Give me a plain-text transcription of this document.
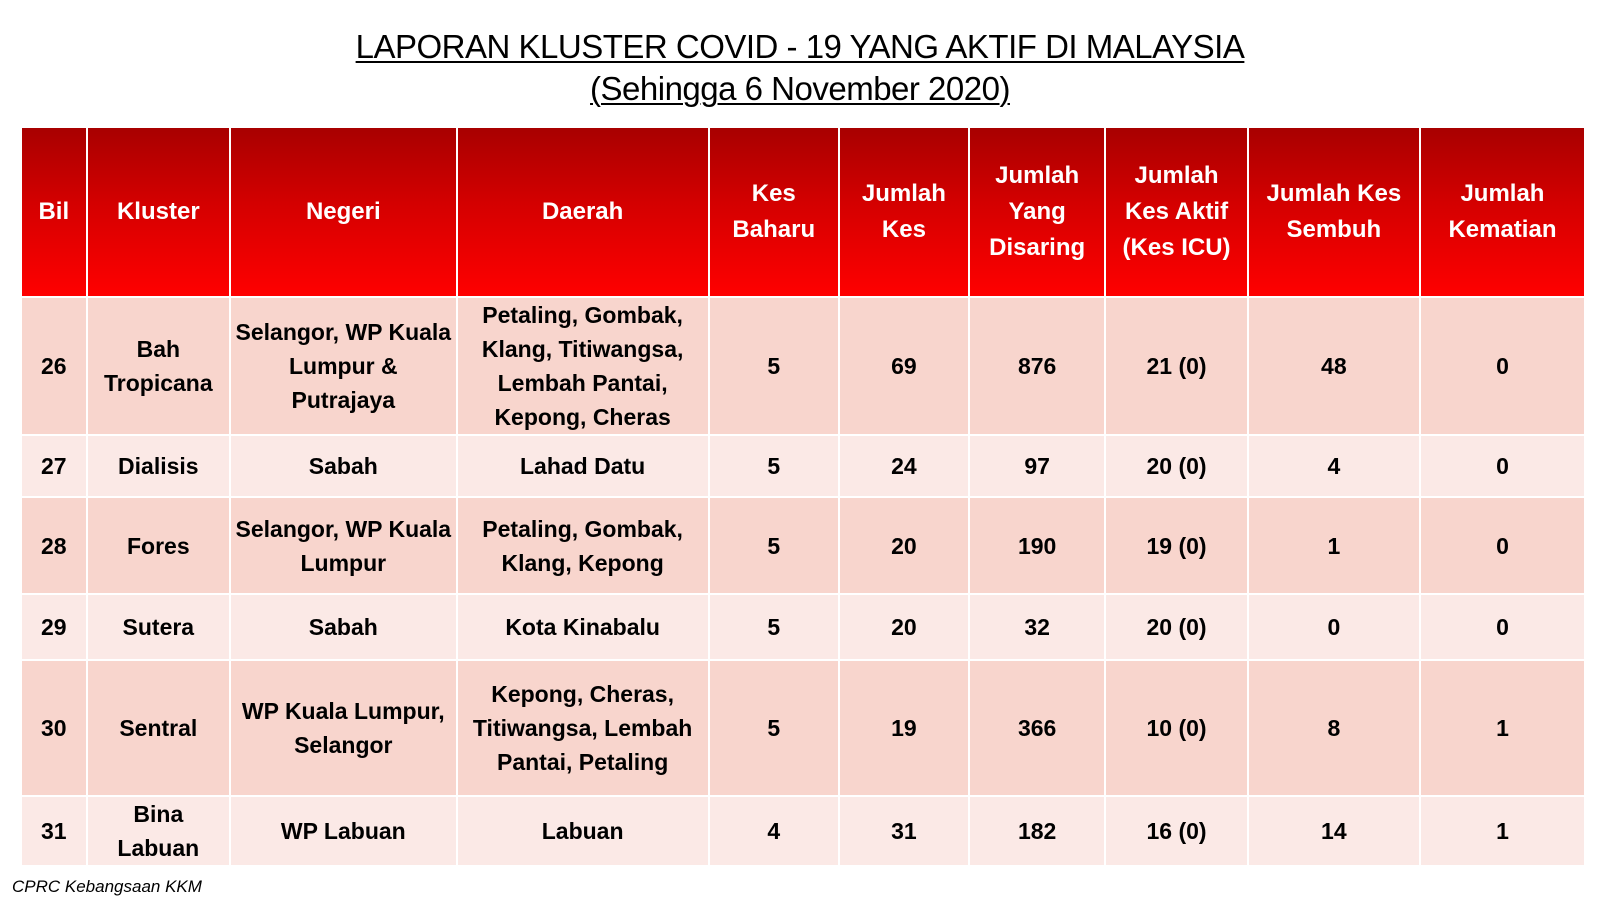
LAPORAN KLUSTER COVID - 19 YANG AKTIF DI MALAYSIA
(Sehingga 6 November 2020)
Bil	Kluster	Negeri	Daerah	Kes Baharu	Jumlah Kes	Jumlah Yang Disaring	Jumlah Kes Aktif (Kes ICU)	Jumlah Kes Sembuh	Jumlah Kematian
26	Bah Tropicana	Selangor, WP Kuala Lumpur & Putrajaya	Petaling, Gombak, Klang, Titiwangsa, Lembah Pantai, Kepong, Cheras	5	69	876	21 (0)	48	0
27	Dialisis	Sabah	Lahad Datu	5	24	97	20 (0)	4	0
28	Fores	Selangor, WP Kuala Lumpur	Petaling, Gombak, Klang, Kepong	5	20	190	19 (0)	1	0
29	Sutera	Sabah	Kota Kinabalu	5	20	32	20 (0)	0	0
30	Sentral	WP Kuala Lumpur, Selangor	Kepong, Cheras, Titiwangsa, Lembah Pantai, Petaling	5	19	366	10 (0)	8	1
31	Bina Labuan	WP Labuan	Labuan	4	31	182	16 (0)	14	1
CPRC Kebangsaan KKM
